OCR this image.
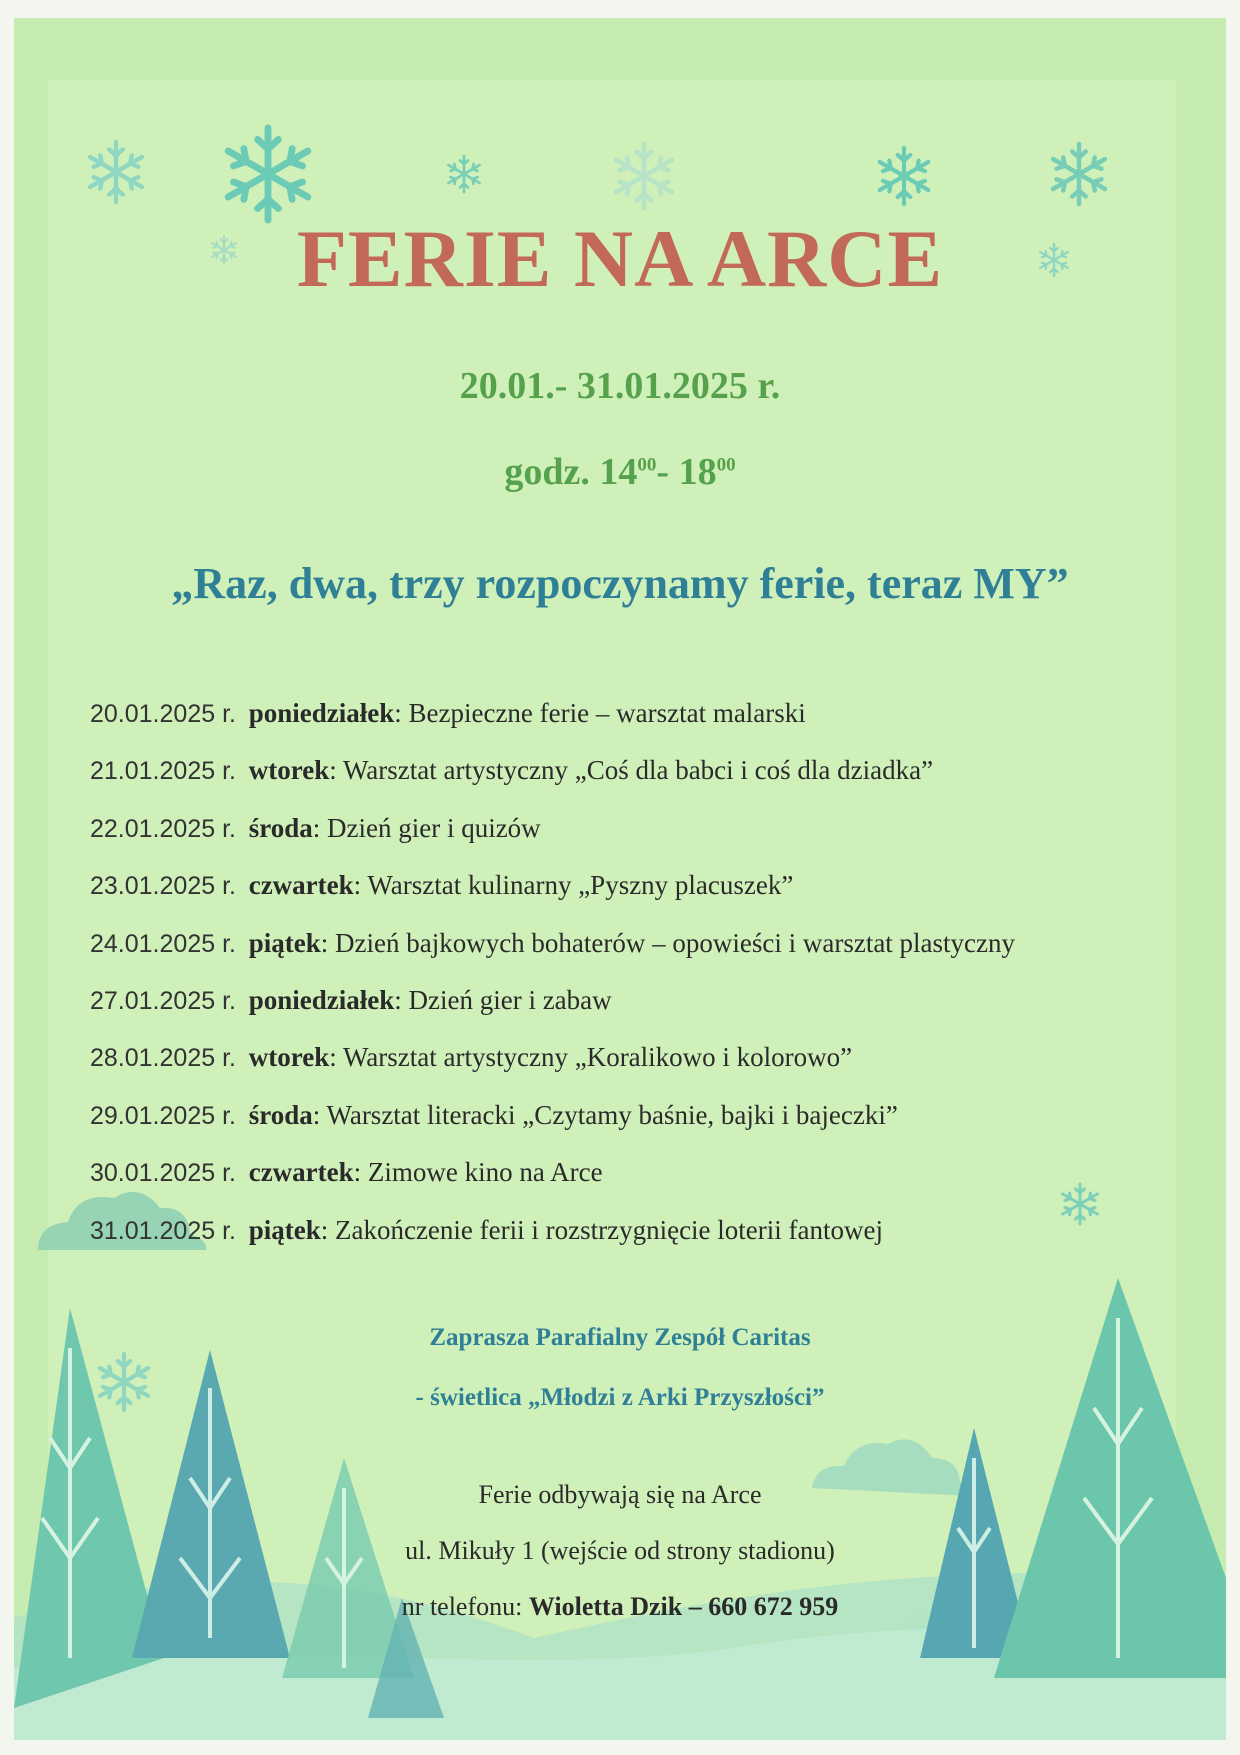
FERIE NA ARCE
20.01.- 31.01.2025 r.
godz. $14^{00}-$ $18^{00}$
„Raz, dwa, trzy rozpoczynamy ferie, teraz MY”
20.01.2025 r. poniedziałek: Bezpieczne ferie – warsztat malarski
21.01.2025 r. wtorek: Warsztat artystyczny „Coś dla babci i coś dla dziadka”
22.01.2025 r. środa: Dzień gier i quizów
23.01.2025 r. czwartek: Warsztat kulinarny „Pyszny placuszek”
24.01.2025 r. piątek: Dzień bajkowych bohaterów – opowieści i warsztat plastyczny
27.01.2025 r. poniedziałek: Dzień gier i zabaw
28.01.2025 r. wtorek: Warsztat artystyczny „Koralikowo i kolorowo”
29.01.2025 r. środa: Warsztat literacki „Czytamy baśnie, bajki i bajeczki”
30.01.2025 r. czwartek: Zimowe kino na Arce
31.01.2025 r. piątek: Zakończenie ferii i rozstrzygnięcie loterii fantowej
Zaprasza Parafialny Zespół Caritas
- świetlica „Młodzi z Arki Przyszłości”
Ferie odbywają się na Arce
ul. Mikuły 1 (wejście od strony stadionu)
nr telefonu: Wioletta Dzik – 660 672 959
